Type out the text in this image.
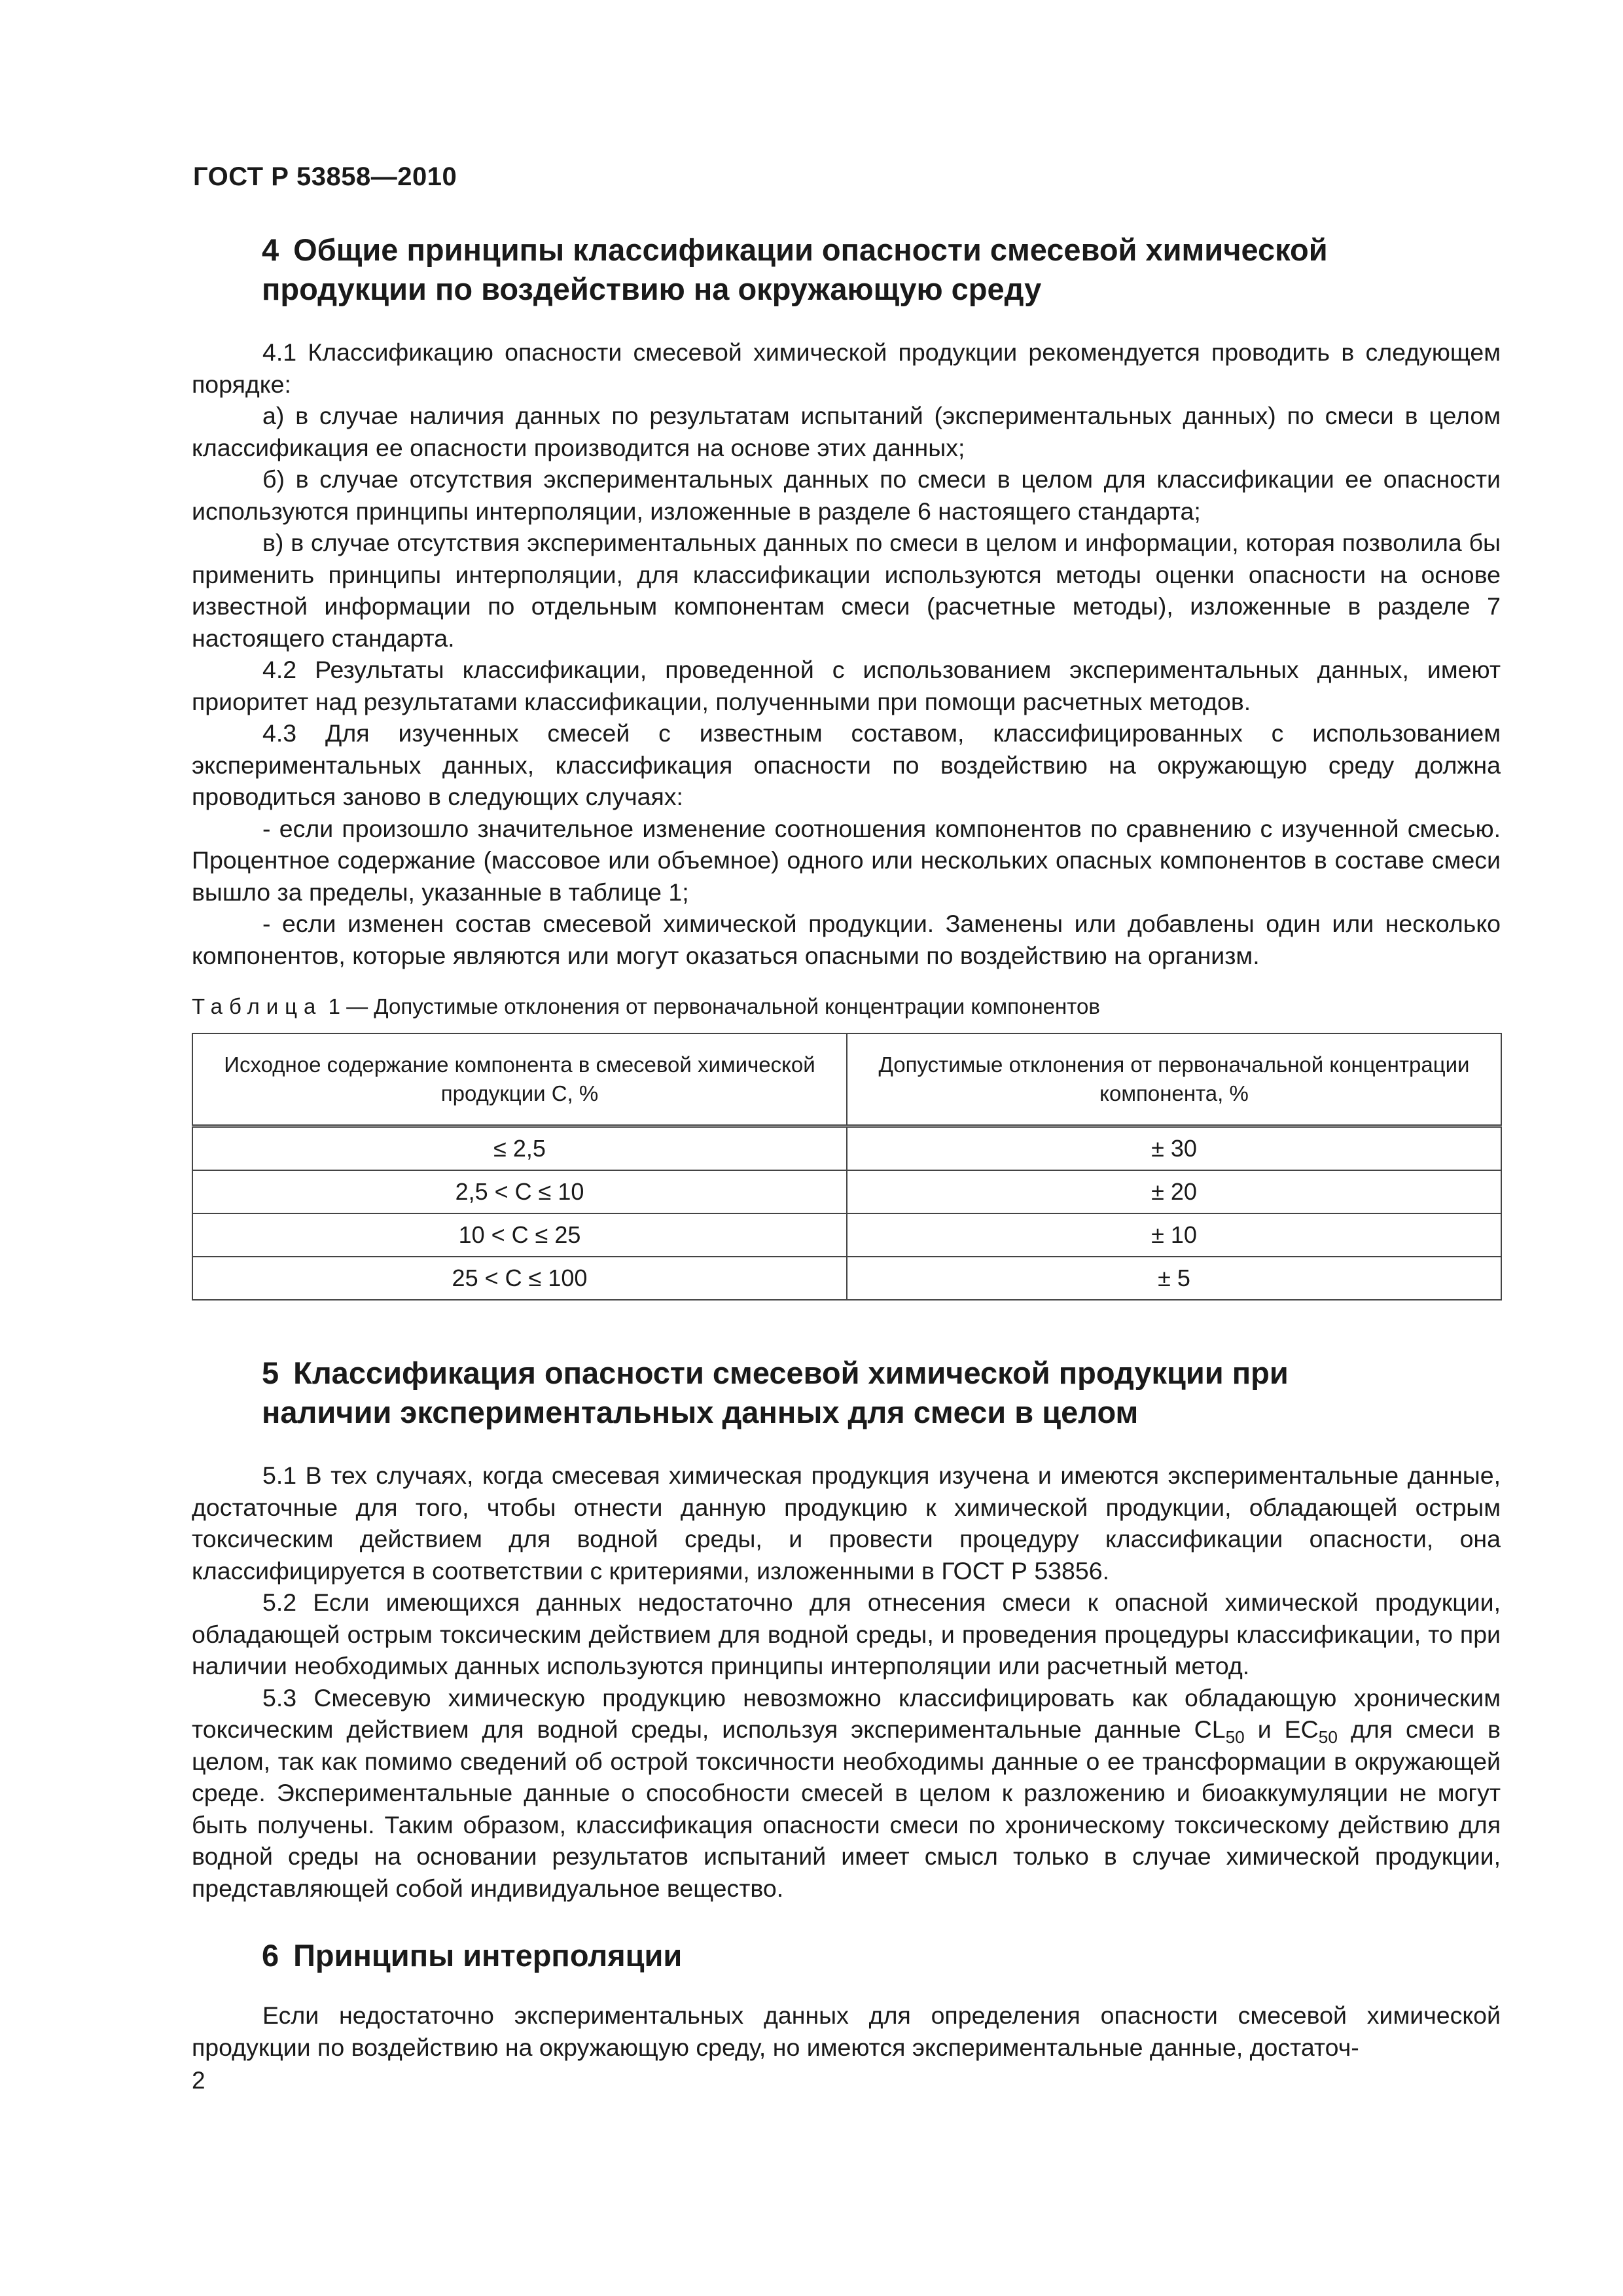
ГОСТ Р 53858—2010
4 Общие принципы классификации опасности смесевой химической
продукции по воздействию на окружающую среду

4.1 Классификацию опасности смесевой химической продукции рекомендуется проводить в следующем порядке:

а) в случае наличия данных по результатам испытаний (экспериментальных данных) по смеси в целом классификация ее опасности производится на основе этих данных;

б) в случае отсутствия экспериментальных данных по смеси в целом для классификации ее опасности используются принципы интерполяции, изложенные в разделе 6 настоящего стандарта;

в) в случае отсутствия экспериментальных данных по смеси в целом и информации, которая позволила бы применить принципы интерполяции, для классификации используются методы оценки опасности на основе известной информации по отдельным компонентам смеси (расчетные методы), изложенные в разделе 7 настоящего стандарта.

4.2 Результаты классификации, проведенной с использованием экспериментальных данных, имеют приоритет над результатами классификации, полученными при помощи расчетных методов.

4.3 Для изученных смесей с известным составом, классифицированных с использованием экспериментальных данных, классификация опасности по воздействию на окружающую среду должна проводиться заново в следующих случаях:

- если произошло значительное изменение соотношения компонентов по сравнению с изученной смесью. Процентное содержание (массовое или объемное) одного или нескольких опасных компонентов в составе смеси вышло за пределы, указанные в таблице 1;

- если изменен состав смесевой химической продукции. Заменены или добавлены один или несколько компонентов, которые являются или могут оказаться опасными по воздействию на организм.

Таблица 1 — Допустимые отклонения от первоначальной концентрации компонентов
Исходное содержание компонента в смесевой химической продукции С, %	Допустимые отклонения от первоначальной концентрации компонента, %
≤ 2,5	± 30
2,5 < C ≤ 10	± 20
10 < C ≤ 25	± 10
25 < C ≤ 100	± 5
5 Классификация опасности смесевой химической продукции при
наличии экспериментальных данных для смеси в целом

5.1 В тех случаях, когда смесевая химическая продукция изучена и имеются экспериментальные данные, достаточные для того, чтобы отнести данную продукцию к химической продукции, обладающей острым токсическим действием для водной среды, и провести процедуру классификации опасности, она классифицируется в соответствии с критериями, изложенными в ГОСТ Р 53856.

5.2 Если имеющихся данных недостаточно для отнесения смеси к опасной химической продукции, обладающей острым токсическим действием для водной среды, и проведения процедуры классификации, то при наличии необходимых данных используются принципы интерполяции или расчетный метод.

5.3 Смесевую химическую продукцию невозможно классифицировать как обладающую хроническим токсическим действием для водной среды, используя экспериментальные данные $CL_{50}$ и $EC_{50}$ для смеси в целом, так как помимо сведений об острой токсичности необходимы данные о ее трансформации в окружающей среде. Экспериментальные данные о способности смесей в целом к разложению и биоаккумуляции не могут быть получены. Таким образом, классификация опасности смеси по хроническому токсическому действию для водной среды на основании результатов испытаний имеет смысл только в случае химической продукции, представляющей собой индивидуальное вещество.

6 Принципы интерполяции

Если недостаточно экспериментальных данных для определения опасности смесевой химической продукции по воздействию на окружающую среду, но имеются экспериментальные данные, достаточ-

2
